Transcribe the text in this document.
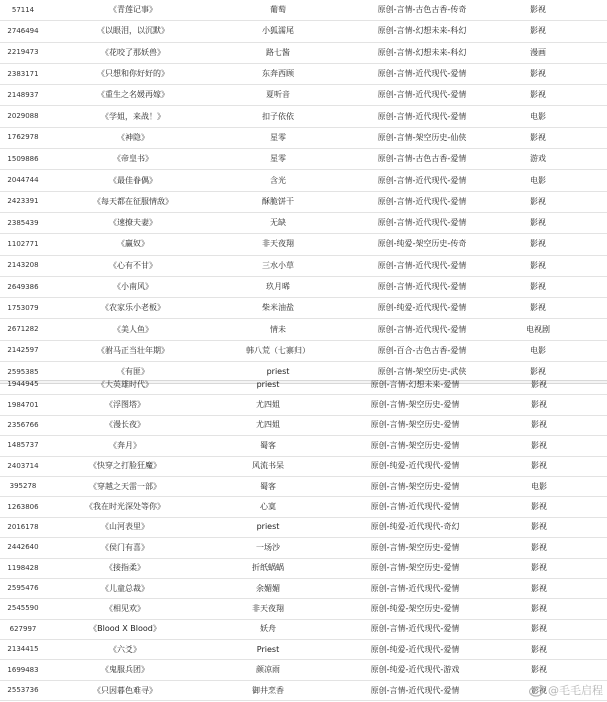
57114	《青莲记事》	葡萄	原创-言情-古色古香-传奇	影视
2746494	《以眼泪，以沉默》	小狐濡尾	原创-言情-幻想未来-科幻	影视
2219473	《花咬了那妖兽》	路七酱	原创-言情-幻想未来-科幻	漫画
2383171	《只想和你好好的》	东奔西顾	原创-言情-近代现代-爱情	影视
2148937	《重生之名媛再嫁》	夏听音	原创-言情-近代现代-爱情	影视
2029088	《学姐，来战！》	扣子依依	原创-言情-近代现代-爱情	电影
1762978	《神隐》	星零	原创-言情-架空历史-仙侠	影视
1509886	《帝皇书》	星零	原创-言情-古色古香-爱情	游戏
2044744	《最佳眷偶》	含光	原创-言情-近代现代-爱情	电影
2423391	《每天都在征服情敌》	酥脆饼干	原创-言情-近代现代-爱情	影视
2385439	《速撩夫妻》	无缺	原创-言情-近代现代-爱情	影视
1102771	《赢奴》	非天夜翔	原创-纯爱-架空历史-传奇	影视
2143208	《心有不甘》	三水小草	原创-言情-近代现代-爱情	影视
2649386	《小南风》	玖月晞	原创-言情-近代现代-爱情	影视
1753079	《农家乐小老板》	柴米油盐	原创-纯爱-近代现代-爱情	影视
2671282	《美人鱼》	情未	原创-言情-近代现代-爱情	电视剧
2142597	《驸马正当壮年期》	韩八荒（七寨归）	原创-百合-古色古香-爱情	电影
2595385	《有匪》	priest	原创-言情-架空历史-武侠	影视
1944945	《大英雄时代》	priest	原创-言情-幻想未来-爱情	影视
1984701	《浮图塔》	尤四姐	原创-言情-架空历史-爱情	影视
2356766	《漫长夜》	尤四姐	原创-言情-架空历史-爱情	影视
1485737	《奔月》	蜀客	原创-言情-架空历史-爱情	影视
2403714	《快穿之打脸狂魔》	风流书呆	原创-纯爱-近代现代-爱情	影视
395278	《穿越之天雷一部》	蜀客	原创-言情-架空历史-爱情	电影
1263806	《我在时光深处等你》	心寞	原创-言情-近代现代-爱情	影视
2016178	《山河表里》	priest	原创-纯爱-近代现代-奇幻	影视
2442640	《侯门有喜》	一场沙	原创-言情-架空历史-爱情	影视
1198428	《接指柔》	折纸蜗蜗	原创-言情-架空历史-爱情	影视
2595476	《儿童总裁》	余媚媚	原创-言情-近代现代-爱情	影视
2545590	《相见欢》	非天夜翔	原创-纯爱-架空历史-爱情	影视
627997	《Blood X Blood》	妖舟	原创-言情-近代现代-爱情	影视
2134415	《六爻》	Priest	原创-纯爱-近代现代-爱情	影视
1699483	《鬼服兵团》	颜凉雨	原创-纯爱-近代现代-游戏	影视
2553736	《只因暮色难寻》	御井烹香	原创-言情-近代现代-爱情	影视 @毛毛启程
